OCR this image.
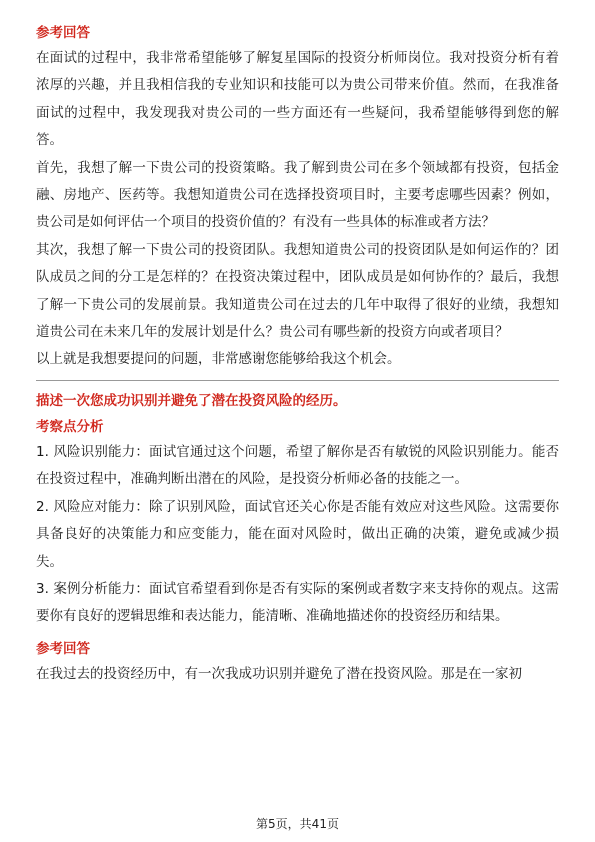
参考回答

在面试的过程中，我非常希望能够了解复星国际的投资分析师岗位。我对投资分析有着浓厚的兴趣，并且我相信我的专业知识和技能可以为贵公司带来价值。然而，在我准备面试的过程中，我发现我对贵公司的一些方面还有一些疑问，我希望能够得到您的解答。

首先，我想了解一下贵公司的投资策略。我了解到贵公司在多个领域都有投资，包括金融、房地产、医药等。我想知道贵公司在选择投资项目时，主要考虑哪些因素？例如，贵公司是如何评估一个项目的投资价值的？有没有一些具体的标准或者方法？

其次，我想了解一下贵公司的投资团队。我想知道贵公司的投资团队是如何运作的？团队成员之间的分工是怎样的？在投资决策过程中，团队成员是如何协作的？最后，我想了解一下贵公司的发展前景。我知道贵公司在过去的几年中取得了很好的业绩，我想知道贵公司在未来几年的发展计划是什么？贵公司有哪些新的投资方向或者项目？

以上就是我想要提问的问题，非常感谢您能够给我这个机会。

描述一次您成功识别并避免了潜在投资风险的经历。

考察点分析

1. 风险识别能力：面试官通过这个问题，希望了解你是否有敏锐的风险识别能力。能否在投资过程中，准确判断出潜在的风险，是投资分析师必备的技能之一。

2. 风险应对能力：除了识别风险，面试官还关心你是否能有效应对这些风险。这需要你具备良好的决策能力和应变能力，能在面对风险时，做出正确的决策，避免或减少损失。

3. 案例分析能力：面试官希望看到你是否有实际的案例或者数字来支持你的观点。这需要你有良好的逻辑思维和表达能力，能清晰、准确地描述你的投资经历和结果。

参考回答

在我过去的投资经历中，有一次我成功识别并避免了潜在投资风险。那是在一家初

第5页，共41页
